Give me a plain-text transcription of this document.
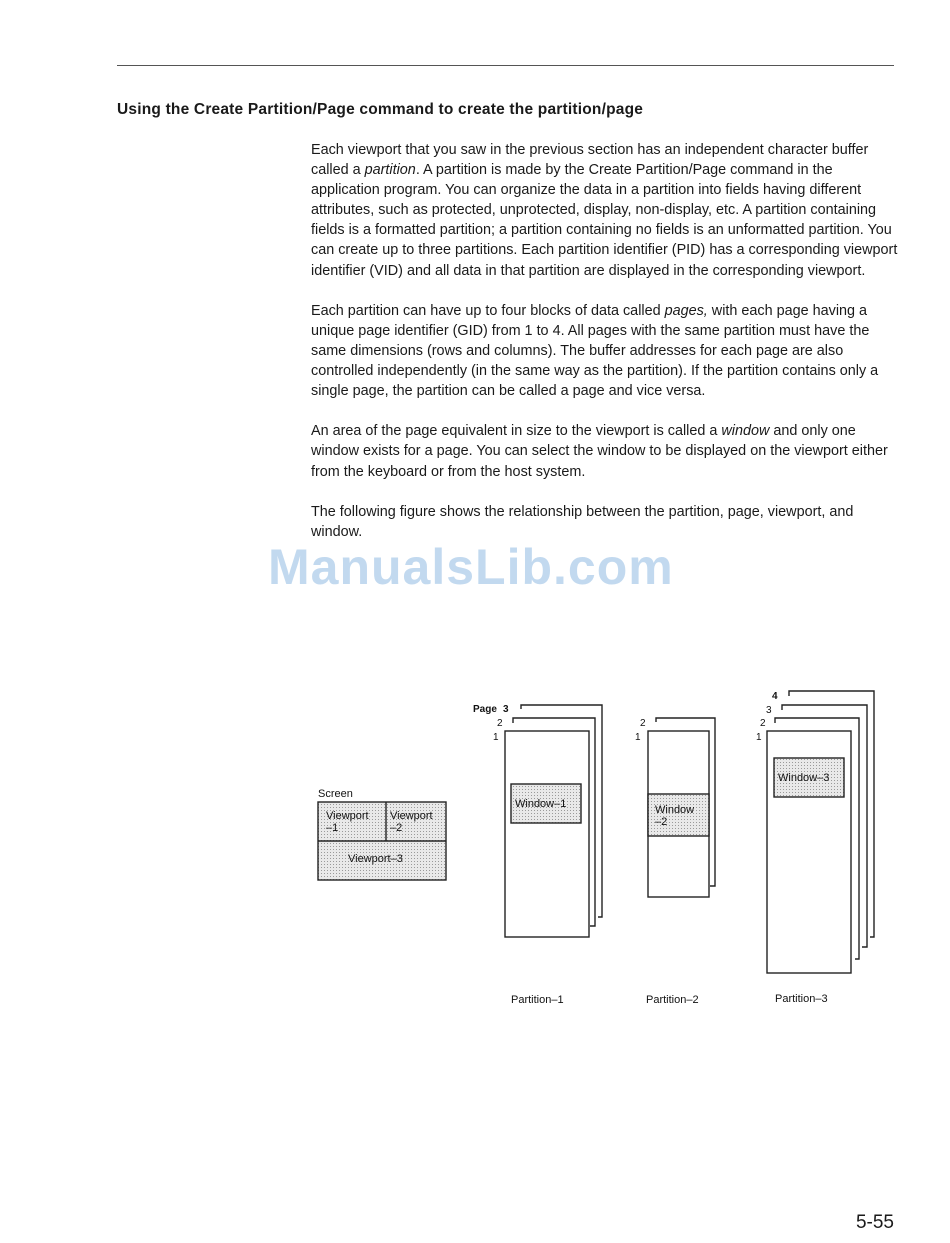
Using the Create Partition/Page command to create the partition/page

Each viewport that you saw in the previous section has an independent character buffer called a partition. A partition is made by the Create Partition/Page command in the application program. You can organize the data in a partition into fields having different attributes, such as protected, unprotected, display, non-display, etc. A partition containing fields is a formatted partition; a partition containing no fields is an unformatted partition. You can create up to three partitions. Each partition identifier (PID) has a corresponding viewport identifier (VID) and all data in that partition are displayed in the corresponding viewport.

Each partition can have up to four blocks of data called pages, with each page having a unique page identifier (GID) from 1 to 4. All pages with the same partition must have the same dimensions (rows and columns). The buffer addresses for each page are also controlled independently (in the same way as the partition). If the partition contains only a single page, the partition can be called a page and vice versa.

An area of the page equivalent in size to the viewport is called a window and only one window exists for a page. You can select the window to be displayed on the viewport either from the keyboard or from the host system.

The following figure shows the relationship between the partition, page, viewport, and window.

ManualsLib.com
Screen
Viewport –1
Viewport –2
Viewport–3
Page 3
2
1
Window–1
Partition–1
2
1
Window –2
Partition–2
4
3
2
1
Window–3
Partition–3
5-55
